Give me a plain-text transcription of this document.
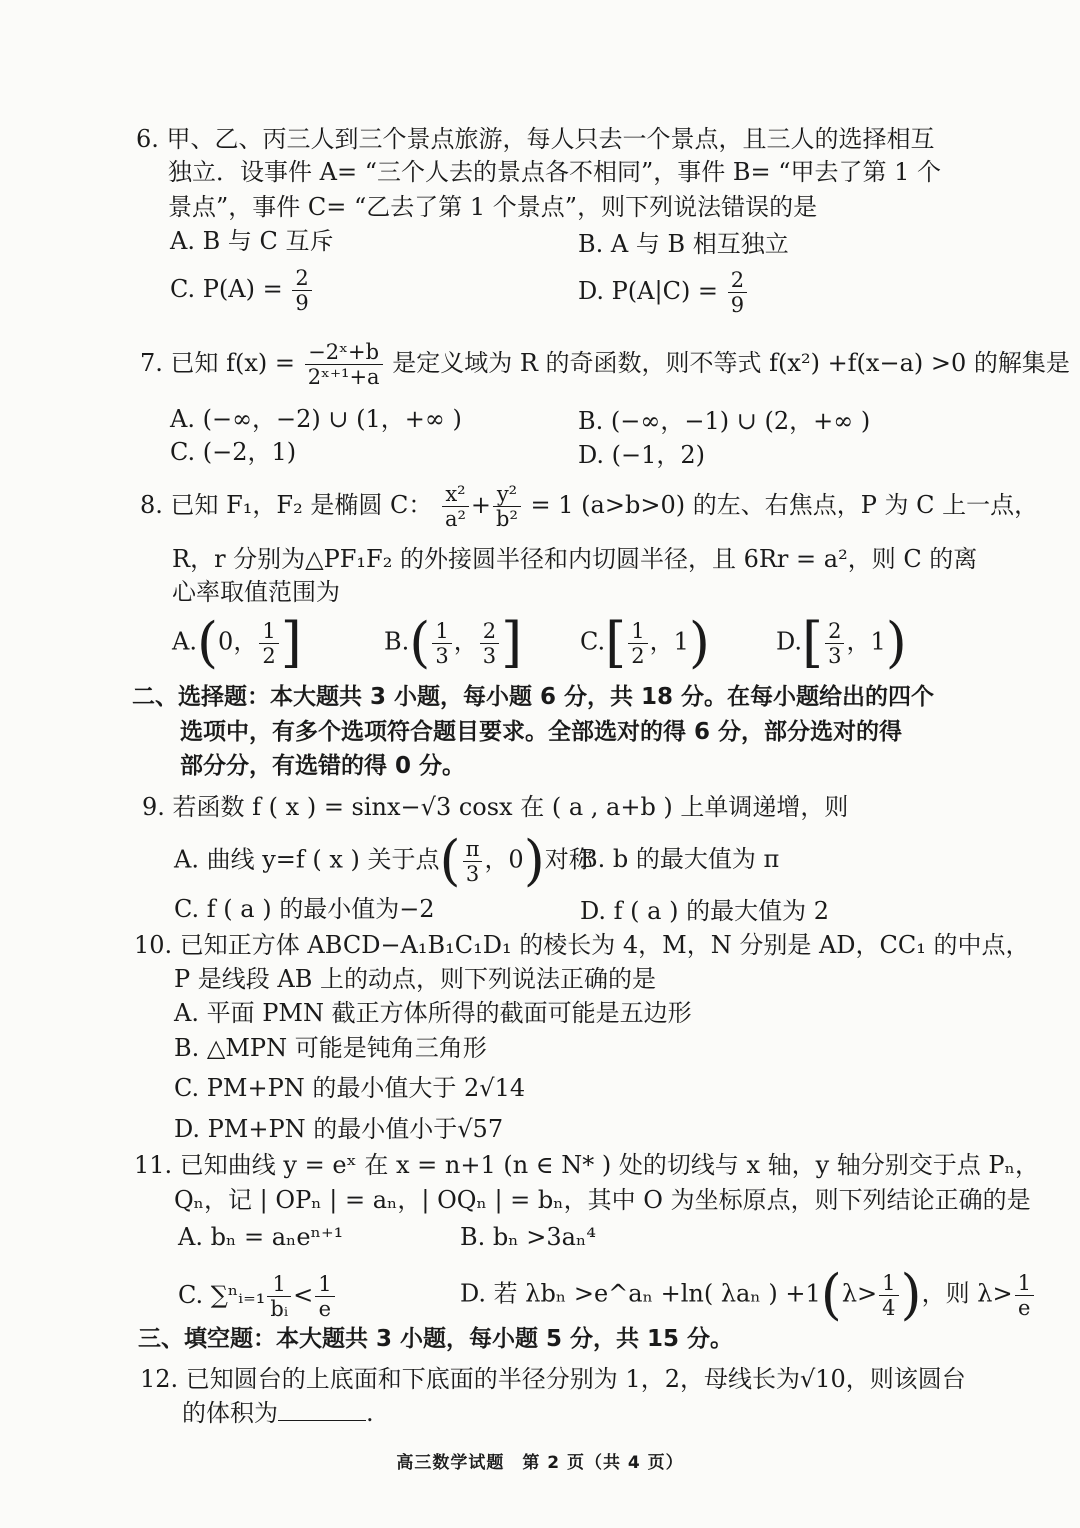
6. 甲、乙、丙三人到三个景点旅游，每人只去一个景点，且三人的选择相互
独立．设事件 A= “三个人去的景点各不相同”，事件 B= “甲去了第 1 个
景点”，事件 C= “乙去了第 1 个景点”，则下列说法错误的是
A. B 与 C 互斥	B. A 与 B 相互独立
C. $P(A) = \frac{2}{9}$	D. $P(A|C) = \frac{2}{9}$
7. 已知 $f(x) = \frac{\text{−2ˣ+b}}{\text{2ˣ⁺¹+a}}$ 是定义域为 R 的奇函数，则不等式 f(x²) +f(x−a) >0 的解集是
A. (−∞，−2) ∪ (1，+∞ )	B. (−∞，−1) ∪ (2，+∞ )
C. (−2，1)	D. (−1，2)
8. 已知 F₁，F₂ 是椭圆 C： $\frac{\text{x²}}{\text{a²}} + \frac{\text{y²}}{\text{b²}} = 1$ (a>b>0) 的左、右焦点，P 为 C 上一点，
R，r 分别为△PF₁F₂ 的外接圆半径和内切圆半径，且 6Rr = a²，则 C 的离
心率取值范围为
A.(0， $\frac{1}{2}$ ]	$B.( \frac{1}{3}$ ， $\frac{2}{3}$ ] $C.[ \frac{1}{2}$ ，1)	$D.[ \frac{2}{3}$ ，1)
二、选择题：本大题共 3 小题，每小题 6 分，共 18 分。在每小题给出的四个
选项中，有多个选项符合题目要求。全部选对的得 6 分，部分选对的得
部分分，有选错的得 0 分。
9. 若函数 f ( x ) = sinx−√3 cosx 在 ( a , a+b ) 上单调递增，则
A. 曲线 y=f ( x ) 关于点( $\frac{\pi}{3}$ ，0)对称
B. b 的最大值为 π
C. f ( a ) 的最小值为−2	D. f ( a ) 的最大值为 2
10. 已知正方体 ABCD−A₁B₁C₁D₁ 的棱长为 4，M，N 分别是 AD，CC₁ 的中点，
P 是线段 AB 上的动点，则下列说法正确的是
A. 平面 PMN 截正方体所得的截面可能是五边形
B. △MPN 可能是钝角三角形
C. PM+PN 的最小值大于 2√14
D. PM+PN 的最小值小于√57
11. 已知曲线 y = eˣ 在 x = n+1 (n ∈ N* ) 处的切线与 x 轴，y 轴分别交于点 Pₙ，
Qₙ，记 | OPₙ | = aₙ，| OQₙ | = bₙ，其中 O 为坐标原点，则下列结论正确的是
A. bₙ = aₙeⁿ⁺¹	B. bₙ >3aₙ⁴
C. ∑ⁿᵢ₌₁ $\frac{1}{\text{bᵢ}} < \frac{1}{e}$	D. 若 λbₙ >e^aₙ +ln( λaₙ ) $+1(\lambda> \frac{1}{4}$ )，则 $\lambda> \frac{1}{e}$
三、填空题：本大题共 3 小题，每小题 5 分，共 15 分。
12. 已知圆台的上底面和下底面的半径分别为 1，2，母线长为√10，则该圆台
的体积为	.
高三数学试题　第 2 页（共 4 页）
